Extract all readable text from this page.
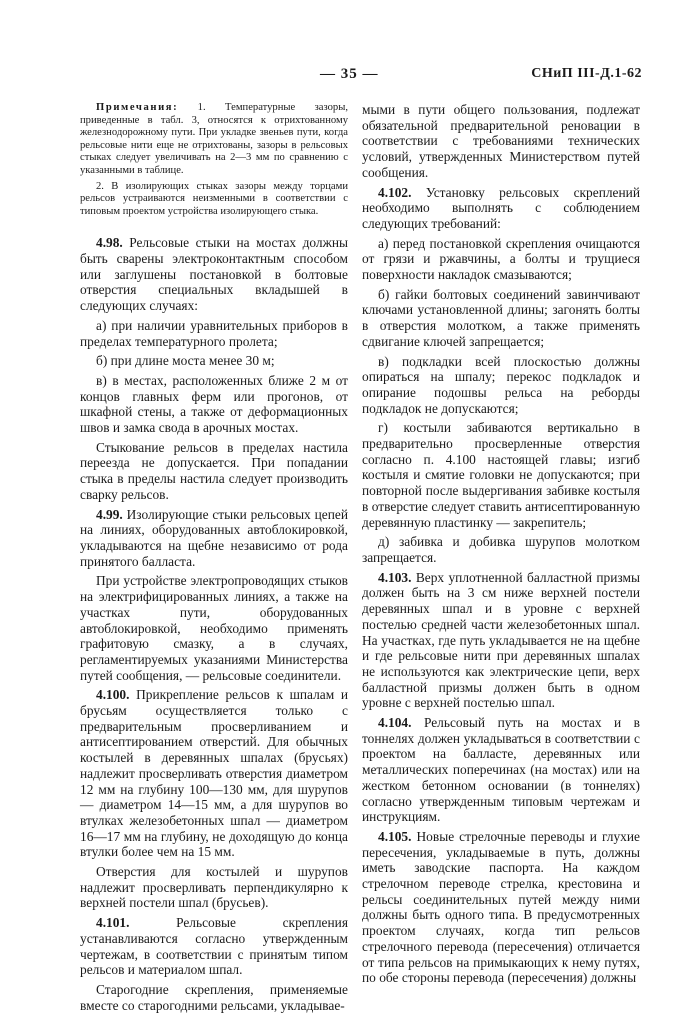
— 35 —	СНиП III-Д.1-62

Примечания: 1. Температурные зазоры, приведенные в табл. 3, относятся к отрихтованному железнодорожному пути. При укладке звеньев пути, когда рельсовые нити еще не отрихтованы, зазоры в рельсовых стыках следует увеличивать на 2—3 мм по сравнению с указанными в таблице.

2. В изолирующих стыках зазоры между торцами рельсов устраиваются неизменными в соответствии с типовым проектом устройства изолирующего стыка.

4.98. Рельсовые стыки на мостах должны быть сварены электроконтактным способом или заглушены постановкой в болтовые отверстия специальных вкладышей в следующих случаях:

а) при наличии уравнительных приборов в пределах температурного пролета;

б) при длине моста менее 30 м;

в) в местах, расположенных ближе 2 м от концов главных ферм или прогонов, от шкафной стены, а также от деформационных швов и замка свода в арочных мостах.

Стыкование рельсов в пределах настила переезда не допускается. При попадании стыка в пределы настила следует производить сварку рельсов.

4.99. Изолирующие стыки рельсовых цепей на линиях, оборудованных автоблокировкой, укладываются на щебне независимо от рода принятого балласта.

При устройстве электропроводящих стыков на электрифицированных линиях, а также на участках пути, оборудованных автоблокировкой, необходимо применять графитовую смазку, а в случаях, регламентируемых указаниями Министерства путей сообщения, — рельсовые соединители.

4.100. Прикрепление рельсов к шпалам и брусьям осуществляется только с предварительным просверливанием и антисептированием отверстий. Для обычных костылей в деревянных шпалах (брусьях) надлежит просверливать отверстия диаметром 12 мм на глубину 100—130 мм, для шурупов — диаметром 14—15 мм, а для шурупов во втулках железобетонных шпал — диаметром 16—17 мм на глубину, не доходящую до конца втулки более чем на 15 мм.

Отверстия для костылей и шурупов надлежит просверливать перпендикулярно к верхней постели шпал (брусьев).

4.101. Рельсовые скрепления устанавливаются согласно утвержденным чертежам, в соответствии с принятым типом рельсов и материалом шпал.

Старогодние скрепления, применяемые вместе со старогодними рельсами, укладывае-

мыми в пути общего пользования, подлежат обязательной предварительной реновации в соответствии с требованиями технических условий, утвержденных Министерством путей сообщения.

4.102. Установку рельсовых скреплений необходимо выполнять с соблюдением следующих требований:

а) перед постановкой скрепления очищаются от грязи и ржавчины, а болты и трущиеся поверхности накладок смазываются;

б) гайки болтовых соединений завинчивают ключами установленной длины; загонять болты в отверстия молотком, а также применять сдвигание ключей запрещается;

в) подкладки всей плоскостью должны опираться на шпалу; перекос подкладок и опирание подошвы рельса на реборды подкладок не допускаются;

г) костыли забиваются вертикально в предварительно просверленные отверстия согласно п. 4.100 настоящей главы; изгиб костыля и смятие головки не допускаются; при повторной после выдергивания забивке костыля в отверстие следует ставить антисептированную деревянную пластинку — закрепитель;

д) забивка и добивка шурупов молотком запрещается.

4.103. Верх уплотненной балластной призмы должен быть на 3 см ниже верхней постели деревянных шпал и в уровне с верхней постелью средней части железобетонных шпал. На участках, где путь укладывается не на щебне и где рельсовые нити при деревянных шпалах не используются как электрические цепи, верх балластной призмы должен быть в одном уровне с верхней постелью шпал.

4.104. Рельсовый путь на мостах и в тоннелях должен укладываться в соответствии с проектом на балласте, деревянных или металлических поперечинах (на мостах) или на жестком бетонном основании (в тоннелях) согласно утвержденным типовым чертежам и инструкциям.

4.105. Новые стрелочные переводы и глухие пересечения, укладываемые в путь, должны иметь заводские паспорта. На каждом стрелочном переводе стрелка, крестовина и рельсы соединительных путей между ними должны быть одного типа. В предусмотренных проектом случаях, когда тип рельсов стрелочного перевода (пересечения) отличается от типа рельсов на примыкающих к нему путях, по обе стороны перевода (пересечения) должны
